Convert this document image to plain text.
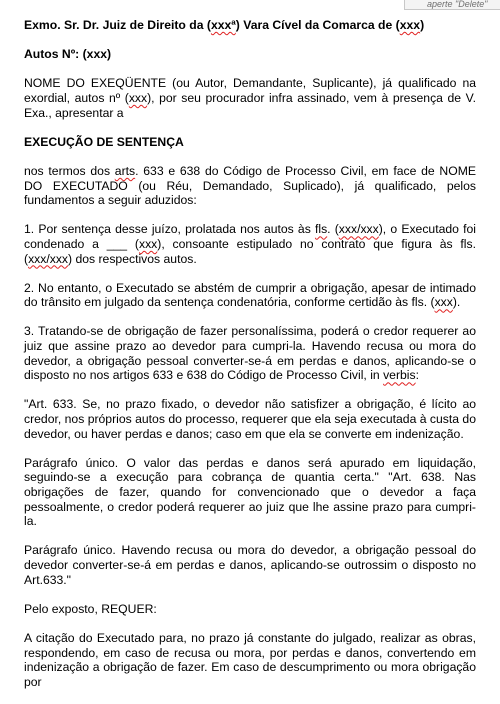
aperte "Delete"

Exmo. Sr. Dr. Juiz de Direito da (xxxª) Vara Cível da Comarca de (xxx)

Autos Nº: (xxx)

NOME DO EXEQÜENTE (ou Autor, Demandante, Suplicante), já qualificado na exordial, autos nº (xxx), por seu procurador infra assinado, vem à presença de V. Exa., apresentar a

EXECUÇÃO DE SENTENÇA

nos termos dos arts. 633 e 638 do Código de Processo Civil, em face de NOME DO EXECUTADO (ou Réu, Demandado, Suplicado), já qualificado, pelos fundamentos a seguir aduzidos:

1. Por sentença desse juízo, prolatada nos autos às fls. (xxx/xxx), o Executado foi condenado a ___ (xxx), consoante estipulado no contrato que figura às fls. (xxx/xxx) dos respectivos autos.

2. No entanto, o Executado se abstém de cumprir a obrigação, apesar de intimado do trânsito em julgado da sentença condenatória, conforme certidão às fls. (xxx).

3. Tratando-se de obrigação de fazer personalíssima, poderá o credor requerer ao juiz que assine prazo ao devedor para cumpri-la. Havendo recusa ou mora do devedor, a obrigação pessoal converter-se-á em perdas e danos, aplicando-se o disposto no nos artigos 633 e 638 do Código de Processo Civil, in verbis:

"Art. 633. Se, no prazo fixado, o devedor não satisfizer a obrigação, é lícito ao credor, nos próprios autos do processo, requerer que ela seja executada à custa do devedor, ou haver perdas e danos; caso em que ela se converte em indenização.

Parágrafo único. O valor das perdas e danos será apurado em liquidação, seguindo-se a execução para cobrança de quantia certa." "Art. 638. Nas obrigações de fazer, quando for convencionado que o devedor a faça pessoalmente, o credor poderá requerer ao juiz que lhe assine prazo para cumpri-la.

Parágrafo único. Havendo recusa ou mora do devedor, a obrigação pessoal do devedor converter-se-á em perdas e danos, aplicando-se outrossim o disposto no Art.633."

Pelo exposto, REQUER:

A citação do Executado para, no prazo já constante do julgado, realizar as obras, respondendo, em caso de recusa ou mora, por perdas e danos, convertendo em indenização a obrigação de fazer. Em caso de descumprimento ou mora obrigação por
